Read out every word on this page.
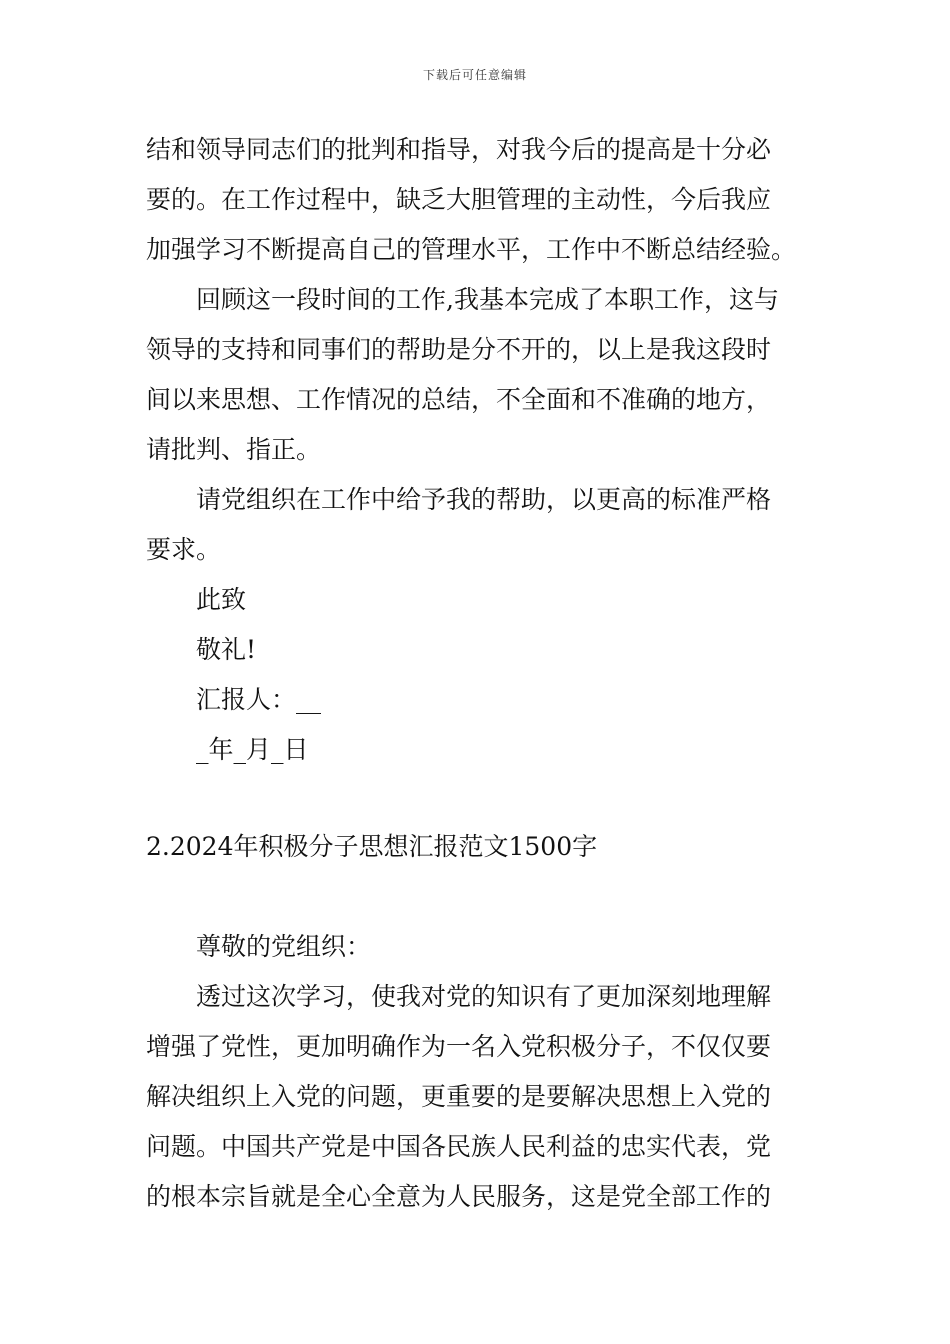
下载后可任意编辑

结和领导同志们的批判和指导，对我今后的提高是十分必
要的。在工作过程中，缺乏大胆管理的主动性，今后我应
加强学习不断提高自己的管理水平，工作中不断总结经验。

回顾这一段时间的工作,我基本完成了本职工作，这与
领导的支持和同事们的帮助是分不开的，以上是我这段时
间以来思想、工作情况的总结，不全面和不准确的地方，
请批判、指正。

请党组织在工作中给予我的帮助，以更高的标准严格
要求。

此致
敬礼!
汇报人：__
_年_月_日

2.2024年积极分子思想汇报范文1500字

尊敬的党组织：

透过这次学习，使我对党的知识有了更加深刻地理解
增强了党性，更加明确作为一名入党积极分子，不仅仅要
解决组织上入党的问题，更重要的是要解决思想上入党的
问题。中国共产党是中国各民族人民利益的忠实代表，党
的根本宗旨就是全心全意为人民服务，这是党全部工作的
